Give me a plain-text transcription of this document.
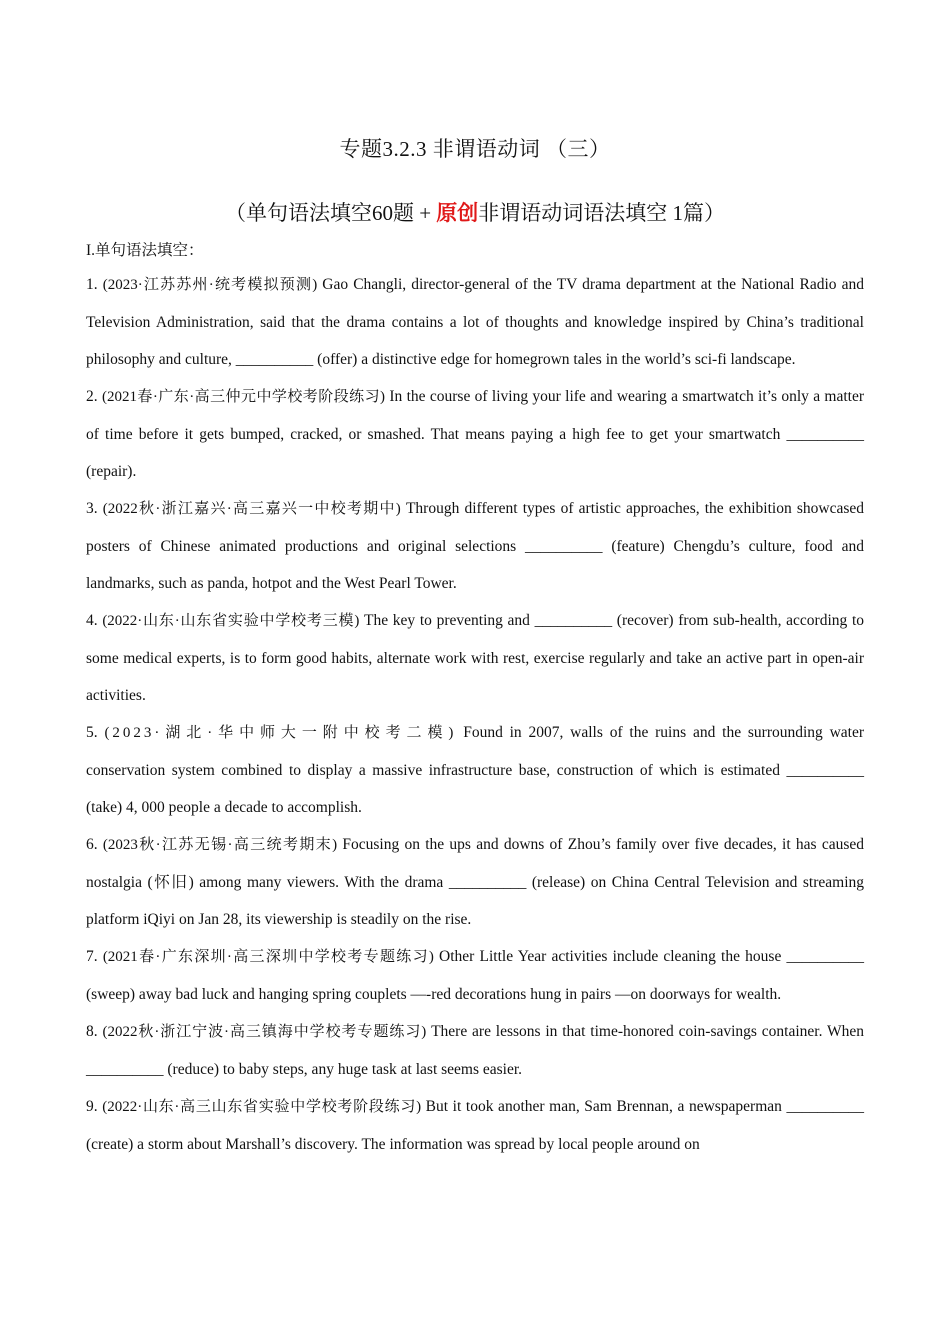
专题3.2.3 非谓语动词 （三）
（单句语法填空60题 + 原创非谓语动词语法填空 1篇）
I.单句语法填空：

1. (2023·江苏苏州·统考模拟预测) Gao Changli, director-general of the TV drama department at the National Radio and Television Administration, said that the drama contains a lot of thoughts and knowledge inspired by China’s traditional philosophy and culture, __________ (offer) a distinctive edge for homegrown tales in the world’s sci-fi landscape.

2. (2021春·广东·高三仲元中学校考阶段练习) In the course of living your life and wearing a smartwatch it’s only a matter of time before it gets bumped, cracked, or smashed. That means paying a high fee to get your smartwatch __________ (repair).

3. (2022秋·浙江嘉兴·高三嘉兴一中校考期中) Through different types of artistic approaches, the exhibition showcased posters of Chinese animated productions and original selections __________ (feature) Chengdu’s culture, food and landmarks, such as panda, hotpot and the West Pearl Tower.

4. (2022·山东·山东省实验中学校考三模) The key to preventing and __________ (recover) from sub-health, according to some medical experts, is to form good habits, alternate work with rest, exercise regularly and take an active part in open-air activities.

5. (2023·湖北·华中师大一附中校考二模) Found in 2007, walls of the ruins and the surrounding water conservation system combined to display a massive infrastructure base, construction of which is estimated __________ (take) 4, 000 people a decade to accomplish.

6. (2023秋·江苏无锡·高三统考期末) Focusing on the ups and downs of Zhou’s family over five decades, it has caused nostalgia (怀旧) among many viewers. With the drama __________ (release) on China Central Television and streaming platform iQiyi on Jan 28, its viewership is steadily on the rise.

7. (2021春·广东深圳·高三深圳中学校考专题练习) Other Little Year activities include cleaning the house __________ (sweep) away bad luck and hanging spring couplets —-red decorations hung in pairs —on doorways for wealth.

8. (2022秋·浙江宁波·高三镇海中学校考专题练习) There are lessons in that time-honored coin-savings container. When __________ (reduce) to baby steps, any huge task at last seems easier.

9. (2022·山东·高三山东省实验中学校考阶段练习) But it took another man, Sam Brennan, a newspaperman __________ (create) a storm about Marshall’s discovery. The information was spread by local people around on
